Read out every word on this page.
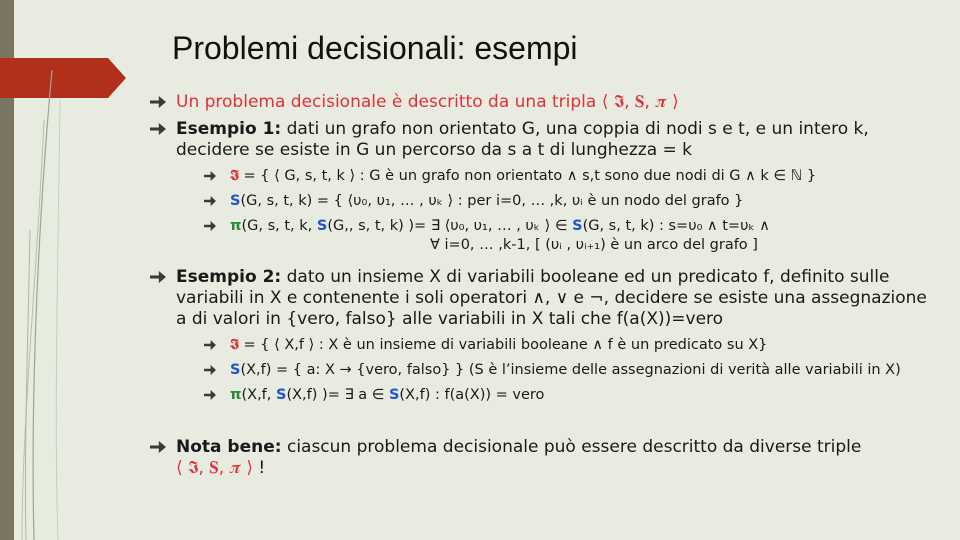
Problemi decisionali: esempi
Un problema decisionale è descritto da una tripla ⟨ 𝕴, 𝐒, 𝝅 ⟩
Esempio 1: dati un grafo non orientato G, una coppia di nodi s e t, e un intero k, decidere se esiste in G un percorso da s a t di lunghezza = k
𝕴 = { ⟨ G, s, t, k ⟩ : G è un grafo non orientato ∧ s,t sono due nodi di G ∧ k ∈ ℕ }
S(G, s, t, k) = { ⟨υ₀, υ₁, … , υₖ ⟩ : per i=0, … ,k, υᵢ è un nodo del grafo }
π(G, s, t, k, S(G,, s, t, k) )= ∃ ⟨υ₀, υ₁, … , υₖ ⟩ ∈ S(G, s, t, k) : s=υ₀ ∧ t=υₖ ∧
∀ i=0, … ,k-1, [ (υᵢ , υᵢ₊₁) è un arco del grafo ]
Esempio 2: dato un insieme X di variabili booleane ed un predicato f, definito sulle variabili in X e contenente i soli operatori ∧, ∨ e ¬, decidere se esiste una assegnazione a di valori in {vero, falso} alle variabili in X tali che f(a(X))=vero
𝕴 = { ⟨ X,f ⟩ : X è un insieme di variabili booleane ∧ f è un predicato su X}
S(X,f) = { a: X → {vero, falso} } (S è l’insieme delle assegnazioni di verità alle variabili in X)
π(X,f, S(X,f) )= ∃ a ∈ S(X,f) : f(a(X)) = vero
Nota bene: ciascun problema decisionale può essere descritto da diverse triple
⟨ 𝕴, 𝐒, 𝝅 ⟩ !
